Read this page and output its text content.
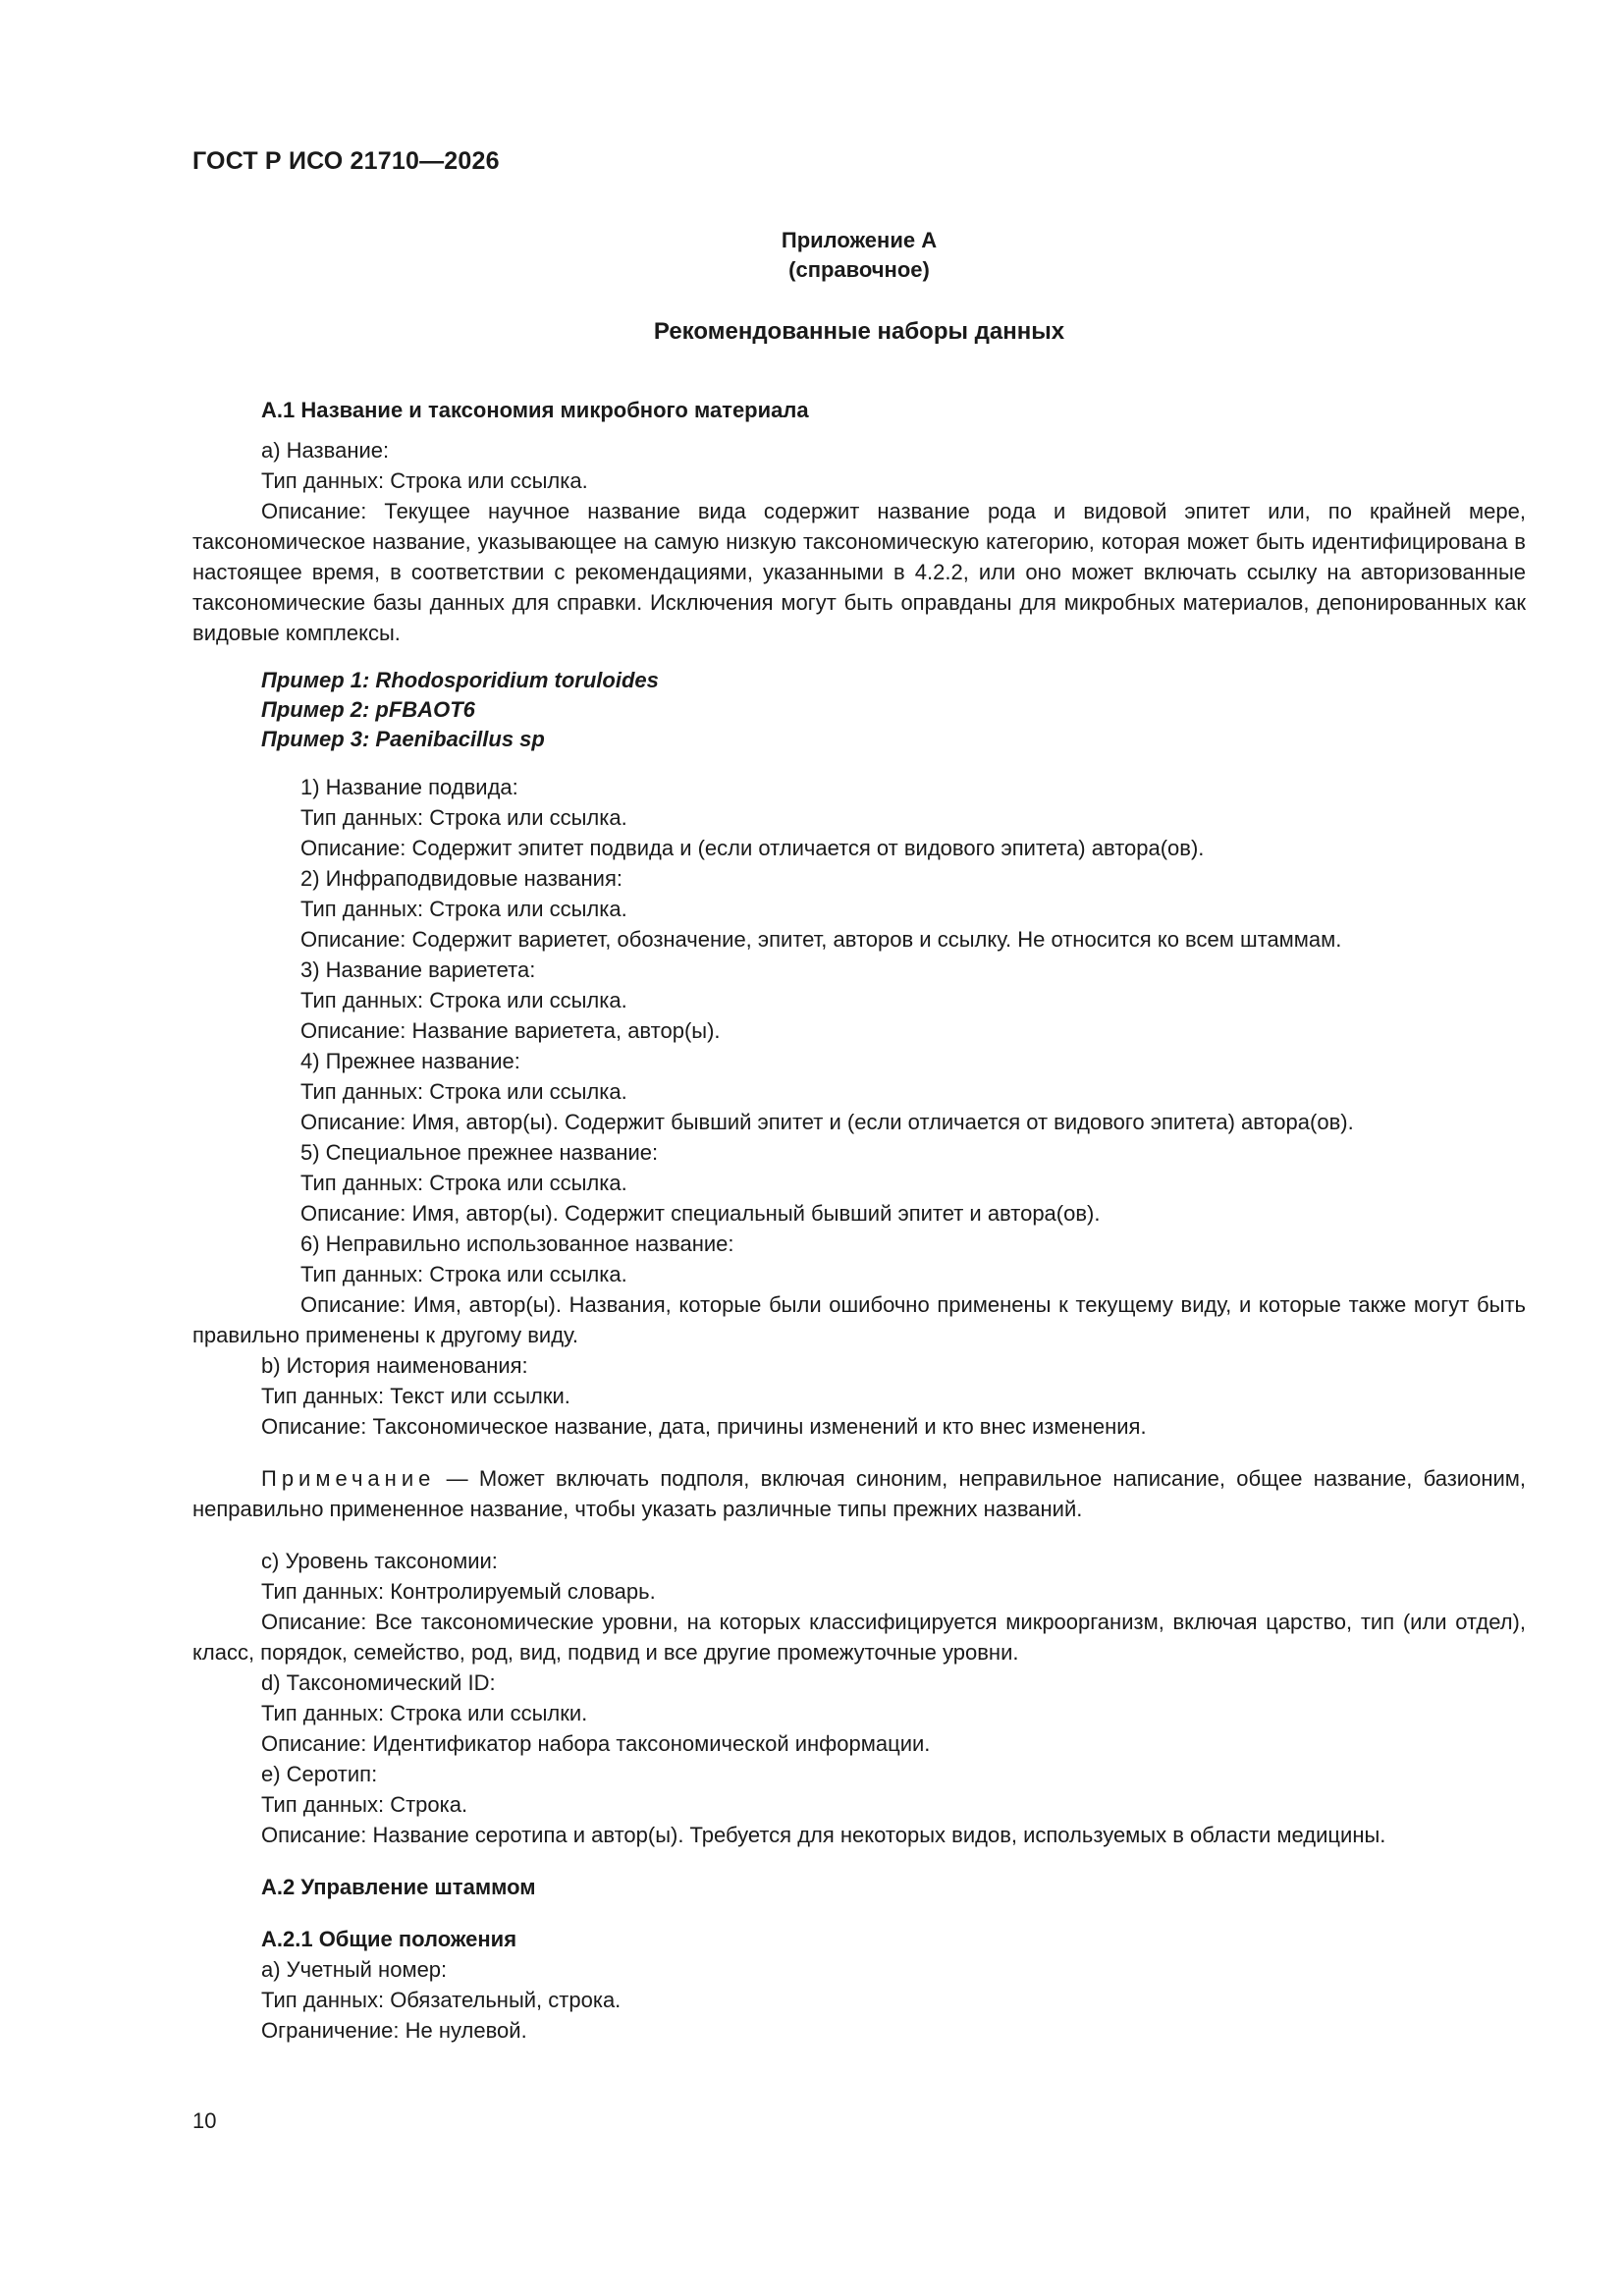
ГОСТ Р ИСО 21710—2026
Приложение А
(справочное)
Рекомендованные наборы данных

А.1 Название и таксономия микробного материала

а) Название:

Тип данных: Строка или ссылка.

Описание: Текущее научное название вида содержит название рода и видовой эпитет или, по крайней мере, таксономическое название, указывающее на самую низкую таксономическую категорию, которая может быть идентифицирована в настоящее время, в соответствии с рекомендациями, указанными в 4.2.2, или оно может включать ссылку на авторизованные таксономические базы данных для справки. Исключения могут быть оправданы для микробных материалов, депонированных как видовые комплексы.

Пример 1: Rhodosporidium toruloides

Пример 2: pFBAOT6

Пример 3: Paenibacillus sp

1) Название подвида:

Тип данных: Строка или ссылка.

Описание: Содержит эпитет подвида и (если отличается от видового эпитета) автора(ов).

2) Инфраподвидовые названия:

Тип данных: Строка или ссылка.

Описание: Содержит вариетет, обозначение, эпитет, авторов и ссылку. Не относится ко всем штаммам.

3) Название вариетета:

Тип данных: Строка или ссылка.

Описание: Название вариетета, автор(ы).

4) Прежнее название:

Тип данных: Строка или ссылка.

Описание: Имя, автор(ы). Содержит бывший эпитет и (если отличается от видового эпитета) автора(ов).

5) Специальное прежнее название:

Тип данных: Строка или ссылка.

Описание: Имя, автор(ы). Содержит специальный бывший эпитет и автора(ов).

6) Неправильно использованное название:

Тип данных: Строка или ссылка.

Описание: Имя, автор(ы). Названия, которые были ошибочно применены к текущему виду, и которые также могут быть правильно применены к другому виду.

b) История наименования:

Тип данных: Текст или ссылки.

Описание: Таксономическое название, дата, причины изменений и кто внес изменения.

Примечание — Может включать подполя, включая синоним, неправильное написание, общее название, базионим, неправильно примененное название, чтобы указать различные типы прежних названий.

с) Уровень таксономии:

Тип данных: Контролируемый словарь.

Описание: Все таксономические уровни, на которых классифицируется микроорганизм, включая царство, тип (или отдел), класс, порядок, семейство, род, вид, подвид и все другие промежуточные уровни.

d) Таксономический ID:

Тип данных: Строка или ссылки.

Описание: Идентификатор набора таксономической информации.

е) Серотип:

Тип данных: Строка.

Описание: Название серотипа и автор(ы). Требуется для некоторых видов, используемых в области медицины.

А.2 Управление штаммом

А.2.1 Общие положения

а) Учетный номер:

Тип данных: Обязательный, строка.

Ограничение: Не нулевой.

10
